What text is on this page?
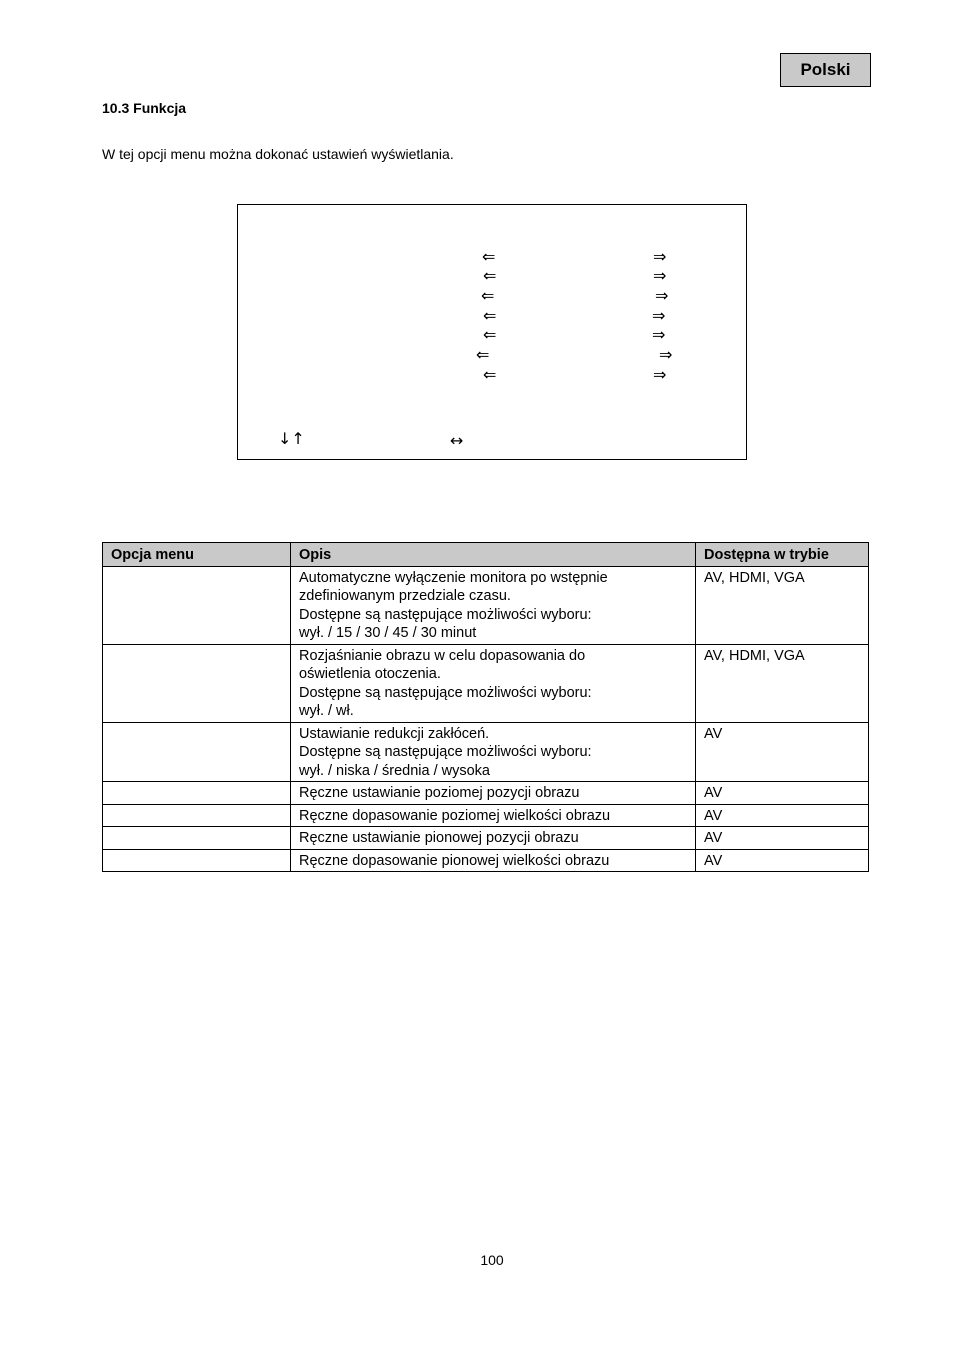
Polski
10.3 Funkcja
W tej opcji menu można dokonać ustawień wyświetlania.
⇐	⇒
⇐	⇒
⇐	⇒
⇐	⇒
⇐	⇒
⇐	⇒
⇐	⇒
↓↑	↔
Opcja menu	Opis	Dostępna w trybie

	Automatyczne wyłączenie monitora po wstępnie
zdefiniowanym przedziale czasu.
Dostępne są następujące możliwości wyboru:
wył. / 15 / 30 / 45 / 30 minut	AV, HDMI, VGA

	Rozjaśnianie obrazu w celu dopasowania do
oświetlenia otoczenia.
Dostępne są następujące możliwości wyboru:
wył. / wł.	AV, HDMI, VGA

	Ustawianie redukcji zakłóceń.
Dostępne są następujące możliwości wyboru:
wył. / niska / średnia / wysoka	AV

	Ręczne ustawianie poziomej pozycji obrazu	AV

	Ręczne dopasowanie poziomej wielkości obrazu	AV

	Ręczne ustawianie pionowej pozycji obrazu	AV

	Ręczne dopasowanie pionowej wielkości obrazu	AV
100
